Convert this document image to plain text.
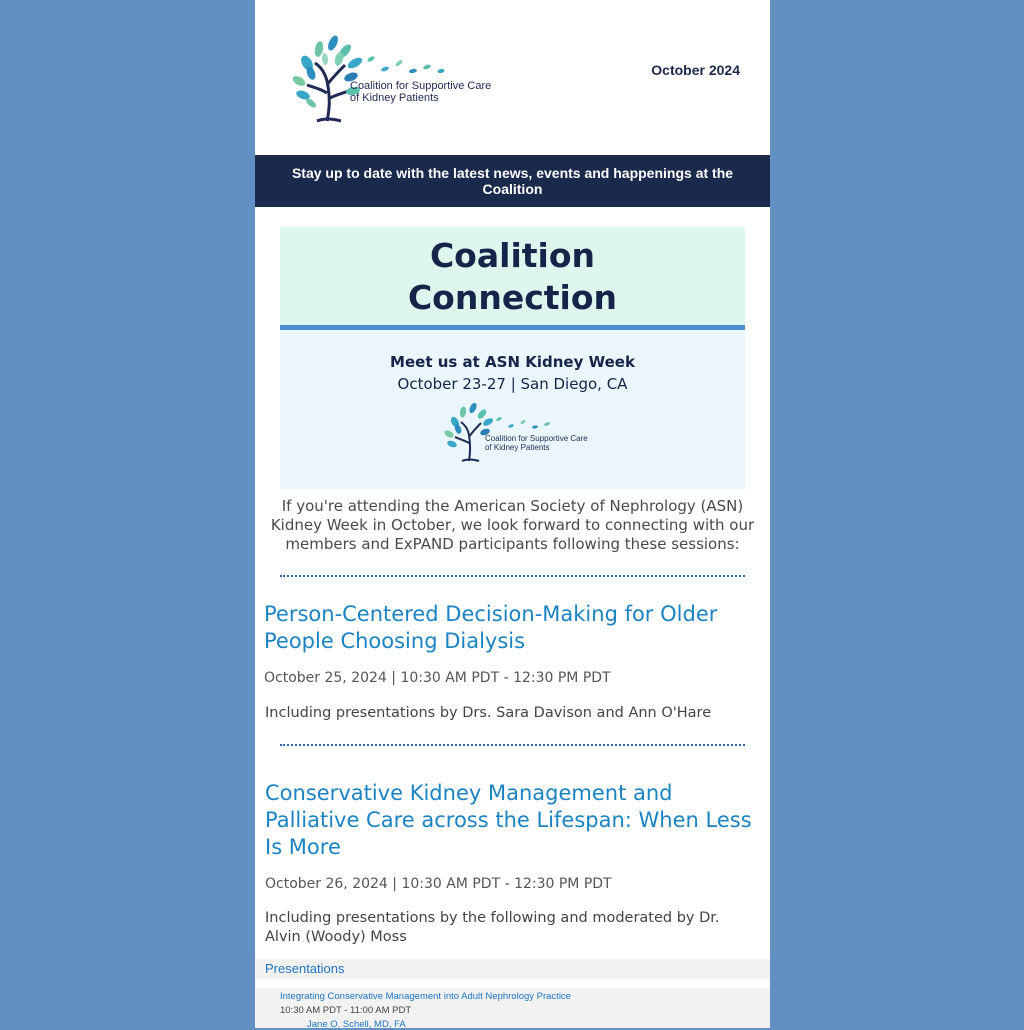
Coalition for Supportive Care
of Kidney Patients
October 2024
Stay up to date with the latest news, events and happenings at the Coalition
Coalition
Connection
Meet us at ASN Kidney Week
October 23-27 | San Diego, CA
Coalition for Supportive Care
of Kidney Patients
If you're attending the American Society of Nephrology (ASN) Kidney Week in October, we look forward to connecting with our members and ExPAND participants following these sessions:
Person-Centered Decision-Making for Older People Choosing Dialysis
October 25, 2024 | 10:30 AM PDT - 12:30 PM PDT
Including presentations by Drs. Sara Davison and Ann O'Hare
Conservative Kidney Management and Palliative Care across the Lifespan: When Less Is More
October 26, 2024 | 10:30 AM PDT - 12:30 PM PDT
Including presentations by the following and moderated by Dr. Alvin (Woody) Moss
Presentations
Integrating Conservative Management into Adult Nephrology Practice
10:30 AM PDT - 11:00 AM PDT
Jane O. Schell, MD, FA
